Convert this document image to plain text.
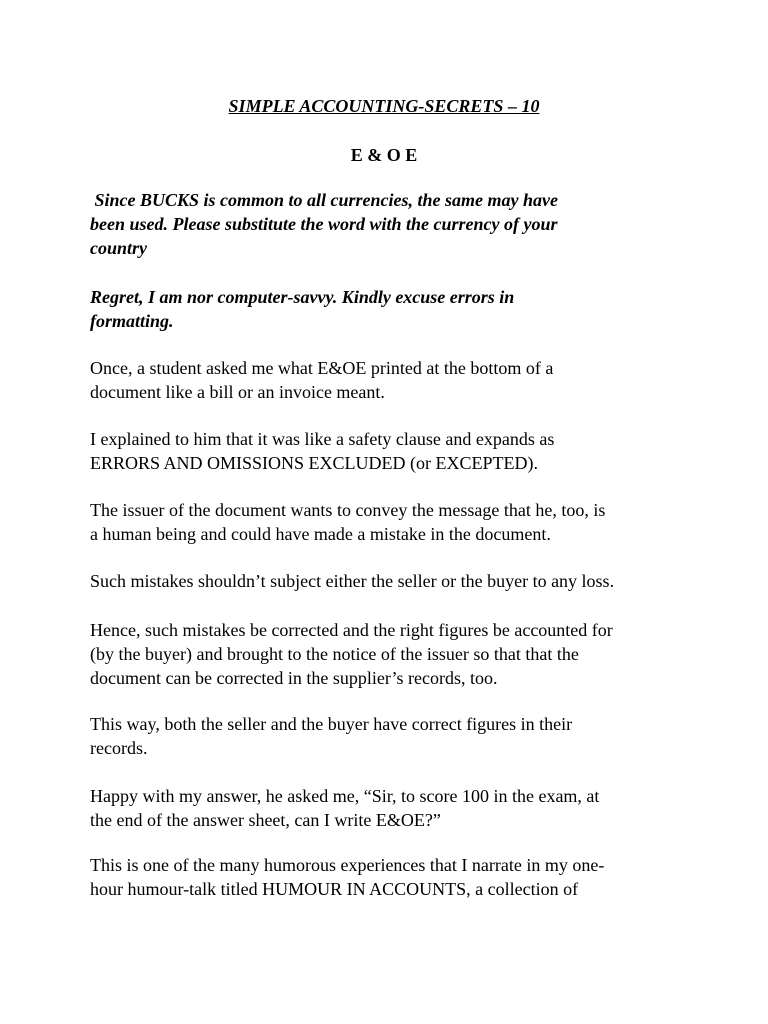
SIMPLE ACCOUNTING-SECRETS – 10
E & O E

Since BUCKS is common to all currencies, the same may have
been used. Please substitute the word with the currency of your
country

Regret, I am nor computer-savvy. Kindly excuse errors in
formatting.

Once, a student asked me what E&OE printed at the bottom of a
document like a bill or an invoice meant.

I explained to him that it was like a safety clause and expands as
ERRORS AND OMISSIONS EXCLUDED (or EXCEPTED).

The issuer of the document wants to convey the message that he, too, is
a human being and could have made a mistake in the document.

Such mistakes shouldn’t subject either the seller or the buyer to any loss.

Hence, such mistakes be corrected and the right figures be accounted for
(by the buyer) and brought to the notice of the issuer so that that the
document can be corrected in the supplier’s records, too.

This way, both the seller and the buyer have correct figures in their
records.

Happy with my answer, he asked me, “Sir, to score 100 in the exam, at
the end of the answer sheet, can I write E&OE?”

This is one of the many humorous experiences that I narrate in my one-
hour humour-talk titled HUMOUR IN ACCOUNTS, a collection of
